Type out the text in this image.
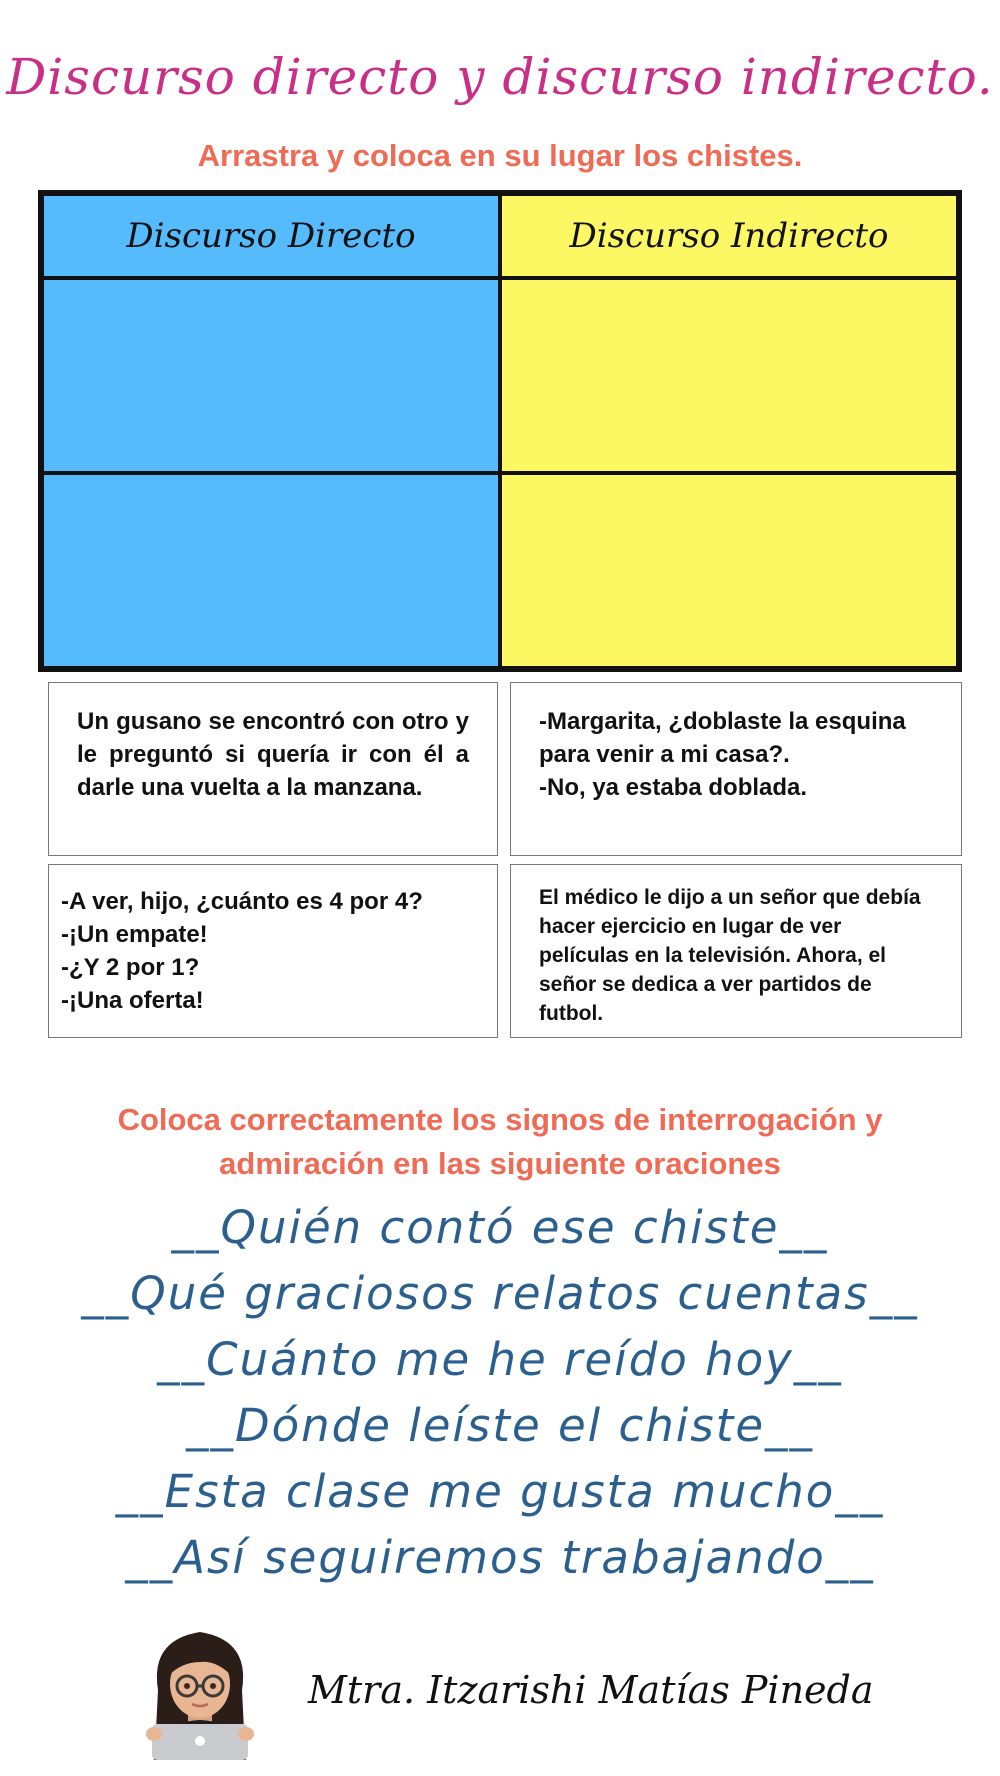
Discurso directo y discurso indirecto.
Arrastra y coloca en su lugar los chistes.
Discurso Directo	Discurso Indirecto
Un gusano se encontró con otro y le preguntó si quería ir con él a darle una vuelta a la manzana.
-Margarita, ¿doblaste la esquina para venir a mi casa?.
-No, ya estaba doblada.
-A ver, hijo, ¿cuánto es 4 por 4?
-¡Un empate!
-¿Y 2 por 1?
-¡Una oferta!
El médico le dijo a un señor que debía hacer ejercicio en lugar de ver películas en la televisión. Ahora, el señor se dedica a ver partidos de futbol.
Coloca correctamente los signos de interrogación y admiración en las siguiente oraciones
__Quién contó ese chiste__
__Qué graciosos relatos cuentas__
__Cuánto me he reído hoy__
__Dónde leíste el chiste__
__Esta clase me gusta mucho__
__Así seguiremos trabajando__
Mtra. Itzarishi Matías Pineda
